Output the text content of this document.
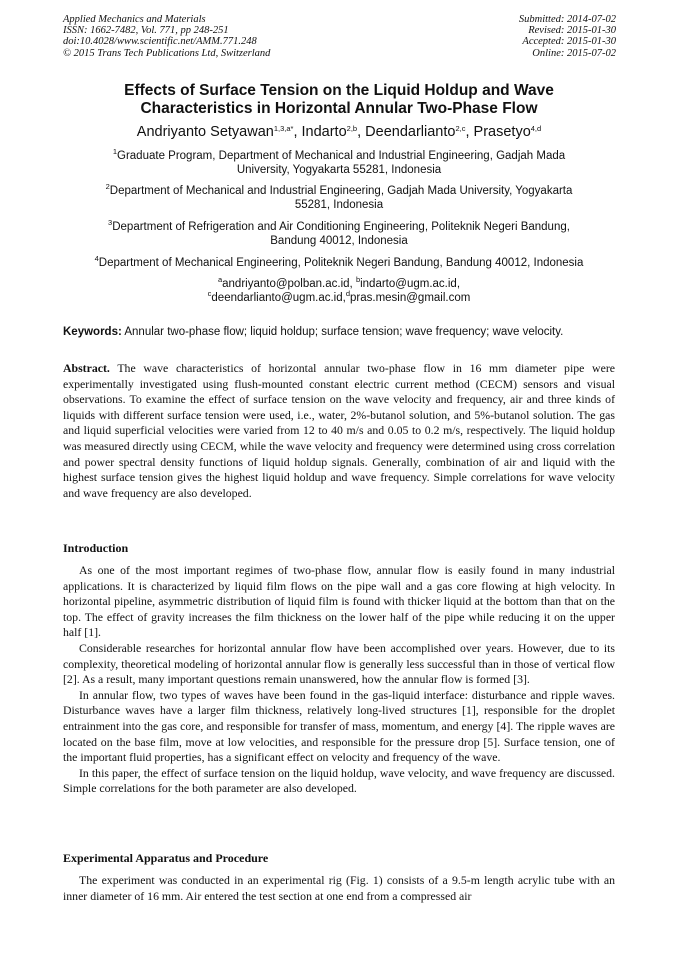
Applied Mechanics and Materials
ISSN: 1662-7482, Vol. 771, pp 248-251
doi:10.4028/www.scientific.net/AMM.771.248
© 2015 Trans Tech Publications Ltd, Switzerland
Submitted: 2014-07-02
Revised: 2015-01-30
Accepted: 2015-01-30
Online: 2015-07-02
Effects of Surface Tension on the Liquid Holdup and Wave
Characteristics in Horizontal Annular Two-Phase Flow
Andriyanto Setyawan$^{1,3,a*}$, Indarto$^{2,b}$, Deendarlianto$^{2,c}$, Prasetyo$^{4,d}$
$^1$Graduate Program, Department of Mechanical and Industrial Engineering, Gadjah Mada
University, Yogyakarta 55281, Indonesia
$^2$Department of Mechanical and Industrial Engineering, Gadjah Mada University, Yogyakarta
55281, Indonesia
$^3$Department of Refrigeration and Air Conditioning Engineering, Politeknik Negeri Bandung,
Bandung 40012, Indonesia
$^4$Department of Mechanical Engineering, Politeknik Negeri Bandung, Bandung 40012, Indonesia
$^a$andriyanto@polban.ac.id, $^b$indarto@ugm.ac.id,
$^c$deendarlianto@ugm.ac.id,$^d$pras.mesin@gmail.com
Keywords: Annular two-phase flow; liquid holdup; surface tension; wave frequency; wave velocity.

Abstract. The wave characteristics of horizontal annular two-phase flow in 16 mm diameter pipe were experimentally investigated using flush-mounted constant electric current method (CECM) sensors and visual observations. To examine the effect of surface tension on the wave velocity and frequency, air and three kinds of liquids with different surface tension were used, i.e., water, 2%-butanol solution, and 5%-butanol solution. The gas and liquid superficial velocities were varied from 12 to 40 m/s and 0.05 to 0.2 m/s, respectively. The liquid holdup was measured directly using CECM, while the wave velocity and frequency were determined using cross correlation and power spectral density functions of liquid holdup signals. Generally, combination of air and liquid with the highest surface tension gives the highest liquid holdup and wave frequency. Simple correlations for wave velocity and wave frequency are also developed.

Introduction

As one of the most important regimes of two-phase flow, annular flow is easily found in many industrial applications. It is characterized by liquid film flows on the pipe wall and a gas core flowing at high velocity. In horizontal pipeline, asymmetric distribution of liquid film is found with thicker liquid at the bottom than that on the top. The effect of gravity increases the film thickness on the lower half of the pipe while reducing it on the upper half [1].

Considerable researches for horizontal annular flow have been accomplished over years. However, due to its complexity, theoretical modeling of horizontal annular flow is generally less successful than in those of vertical flow [2]. As a result, many important questions remain unanswered, how the annular flow is formed [3].

In annular flow, two types of waves have been found in the gas-liquid interface: disturbance and ripple waves. Disturbance waves have a larger film thickness, relatively long-lived structures [1], responsible for the droplet entrainment into the gas core, and responsible for transfer of mass, momentum, and energy [4]. The ripple waves are located on the base film, move at low velocities, and responsible for the pressure drop [5]. Surface tension, one of the important fluid properties, has a significant effect on velocity and frequency of the wave.

In this paper, the effect of surface tension on the liquid holdup, wave velocity, and wave frequency are discussed. Simple correlations for the both parameter are also developed.

Experimental Apparatus and Procedure

The experiment was conducted in an experimental rig (Fig. 1) consists of a 9.5-m length acrylic tube with an inner diameter of 16 mm. Air entered the test section at one end from a compressed air
